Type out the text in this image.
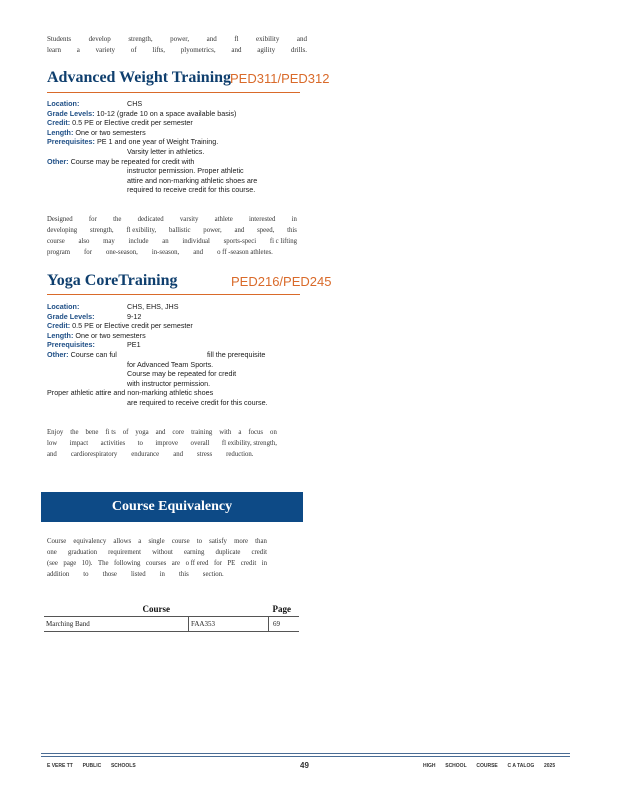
Students develop strength, power, and fl exibility and
learn a variety of lifts, plyometrics, and agility drills.
Advanced Weight Training
PED311/PED312
Location:	CHS
Grade Levels: 10-12 (grade 10 on a space available basis)
Credit: 0.5 PE or Elective credit per semester
Length: One or two semesters
Prerequisites: PE 1 and one year of Weight Training.
Varsity letter in athletics.
Other: Course may be repeated for credit with
instructor permission. Proper athletic
attire and non-marking athletic shoes are
required to receive credit for this course.
Designed for the dedicated varsity athlete interested in
developing strength, fl exibility, ballistic power, and speed, this
course also may include an individual sports-speci fi c lifting
program for one-season, in-season, and o ff -season athletes.
Yoga CoreTraining	PED216/PED245
Location:	CHS, EHS, JHS
Grade Levels:	9-12
Credit: 0.5 PE or Elective credit per semester
Length: One or two semesters
Prerequisites:	PE1
Other: Course can ful	fill the prerequisite
for Advanced Team Sports.
Course may be repeated for credit
with instructor permission.
Proper athletic attire and non-marking athletic shoes
are required to receive credit for this course.
Enjoy the bene fi ts of yoga and core training with a focus on
low impact activities to improve overall fl exibility, strength,
and cardiorespiratory endurance and stress reduction.
Course Equivalency
Course equivalency allows a single course to satisfy more than
one graduation requirement without earning duplicate credit
(see page 10). The following courses are o ff ered for PE credit in
addition to those listed in this section.
Course		Page
Marching Band	FAA353	69
E VERE TT PUBLIC SCHOOLS	49	HIGH SCHOOL COURSE C A TALOG 2025
